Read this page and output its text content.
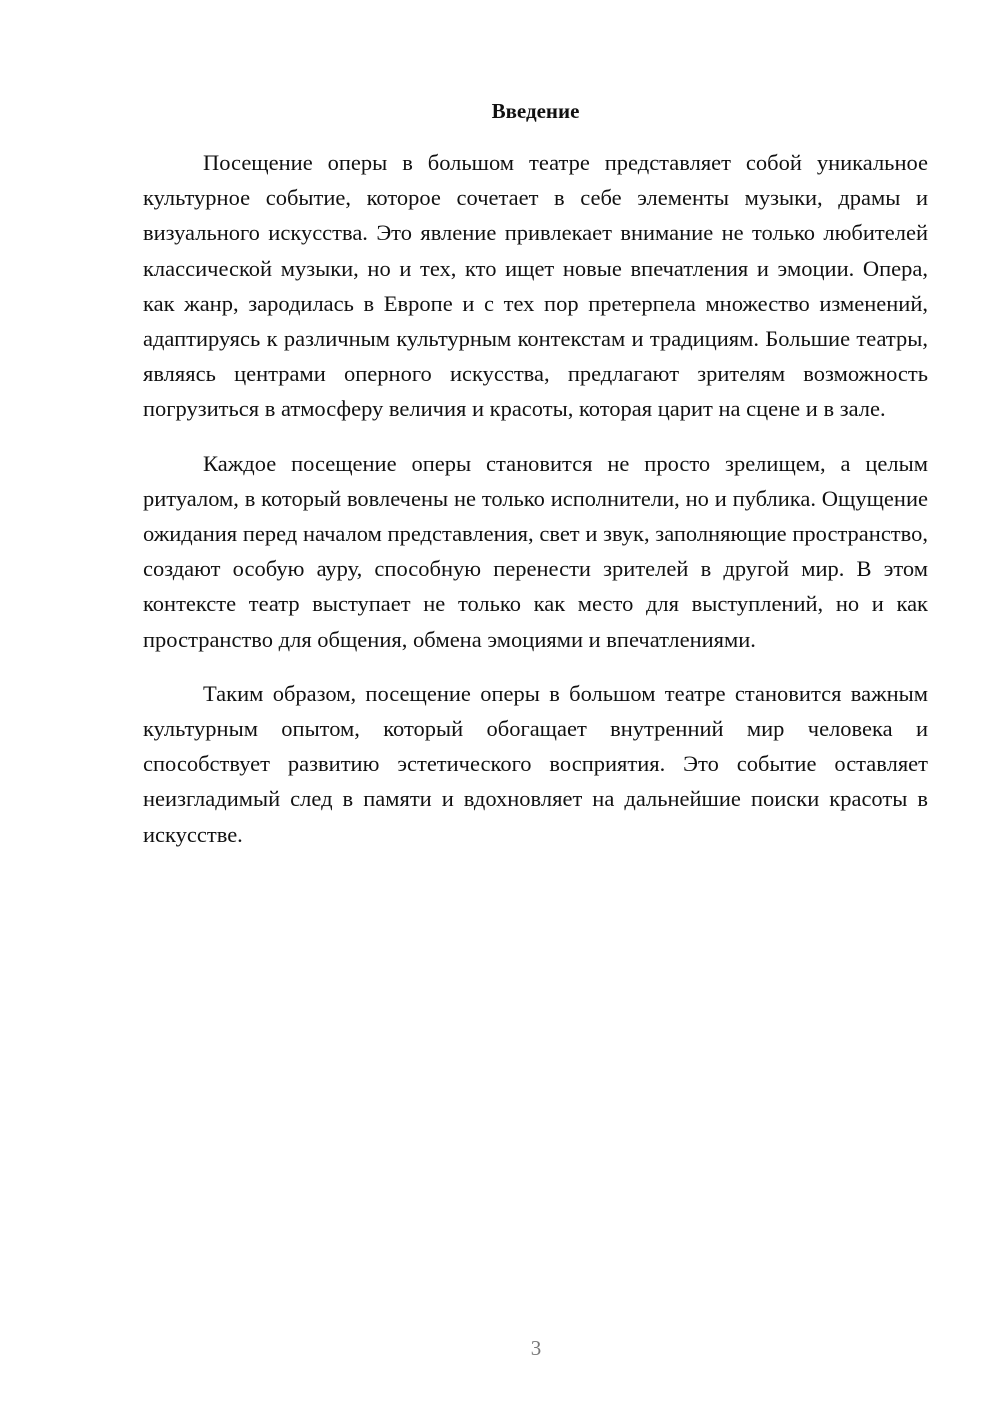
Введение

Посещение оперы в большом театре представляет собой уникальное культурное событие, которое сочетает в себе элементы музыки, драмы и визуального искусства. Это явление привлекает внимание не только любителей классической музыки, но и тех, кто ищет новые впечатления и эмоции. Опера, как жанр, зародилась в Европе и с тех пор претерпела множество изменений, адаптируясь к различным культурным контекстам и традициям. Большие театры, являясь центрами оперного искусства, предлагают зрителям возможность погрузиться в атмосферу величия и красоты, которая царит на сцене и в зале.

Каждое посещение оперы становится не просто зрелищем, а целым ритуалом, в который вовлечены не только исполнители, но и публика. Ощущение ожидания перед началом представления, свет и звук, заполняющие пространство, создают особую ауру, способную перенести зрителей в другой мир. В этом контексте театр выступает не только как место для выступлений, но и как пространство для общения, обмена эмоциями и впечатлениями.

Таким образом, посещение оперы в большом театре становится важным культурным опытом, который обогащает внутренний мир человека и способствует развитию эстетического восприятия. Это событие оставляет неизгладимый след в памяти и вдохновляет на дальнейшие поиски красоты в искусстве.

3
